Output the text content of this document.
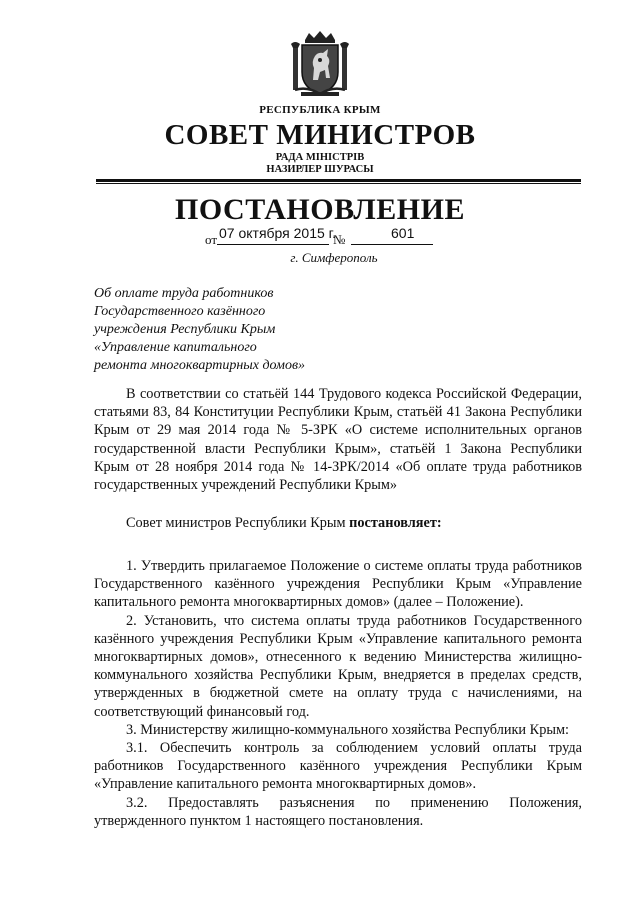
РЕСПУБЛИКА КРЫМ
СОВЕТ МИНИСТРОВ
РАДА МІНІСТРІВ
НАЗИРЛЕР ШУРАСЫ
ПОСТАНОВЛЕНИЕ
от 07 октября 2015 г.
№	601
г. Симферополь
Об оплате труда работников
Государственного казённого
учреждения Республики Крым
«Управление капитального
ремонта многоквартирных домов»

В соответствии со статьёй 144 Трудового кодекса Российской Федерации, статьями 83, 84 Конституции Республики Крым, статьёй 41 Закона Республики Крым от 29 мая 2014 года № 5-ЗРК «О системе исполнительных органов государственной власти Республики Крым», статьёй 1 Закона Республики Крым от 28 ноября 2014 года № 14-ЗРК/2014 «Об оплате труда работников государственных учреждений Республики Крым»

Совет министров Республики Крым постановляет:

1. Утвердить прилагаемое Положение о системе оплаты труда работников Государственного казённого учреждения Республики Крым «Управление капитального ремонта многоквартирных домов» (далее – Положение).

2. Установить, что система оплаты труда работников Государственного казённого учреждения Республики Крым «Управление капитального ремонта многоквартирных домов», отнесенного к ведению Министерства жилищно-коммунального хозяйства Республики Крым, внедряется в пределах средств, утвержденных в бюджетной смете на оплату труда с начислениями, на соответствующий финансовый год.

3. Министерству жилищно-коммунального хозяйства Республики Крым:

3.1. Обеспечить контроль за соблюдением условий оплаты труда работников Государственного казённого учреждения Республики Крым «Управление капитального ремонта многоквартирных домов».

3.2. Предоставлять разъяснения по применению Положения, утвержденного пунктом 1 настоящего постановления.
